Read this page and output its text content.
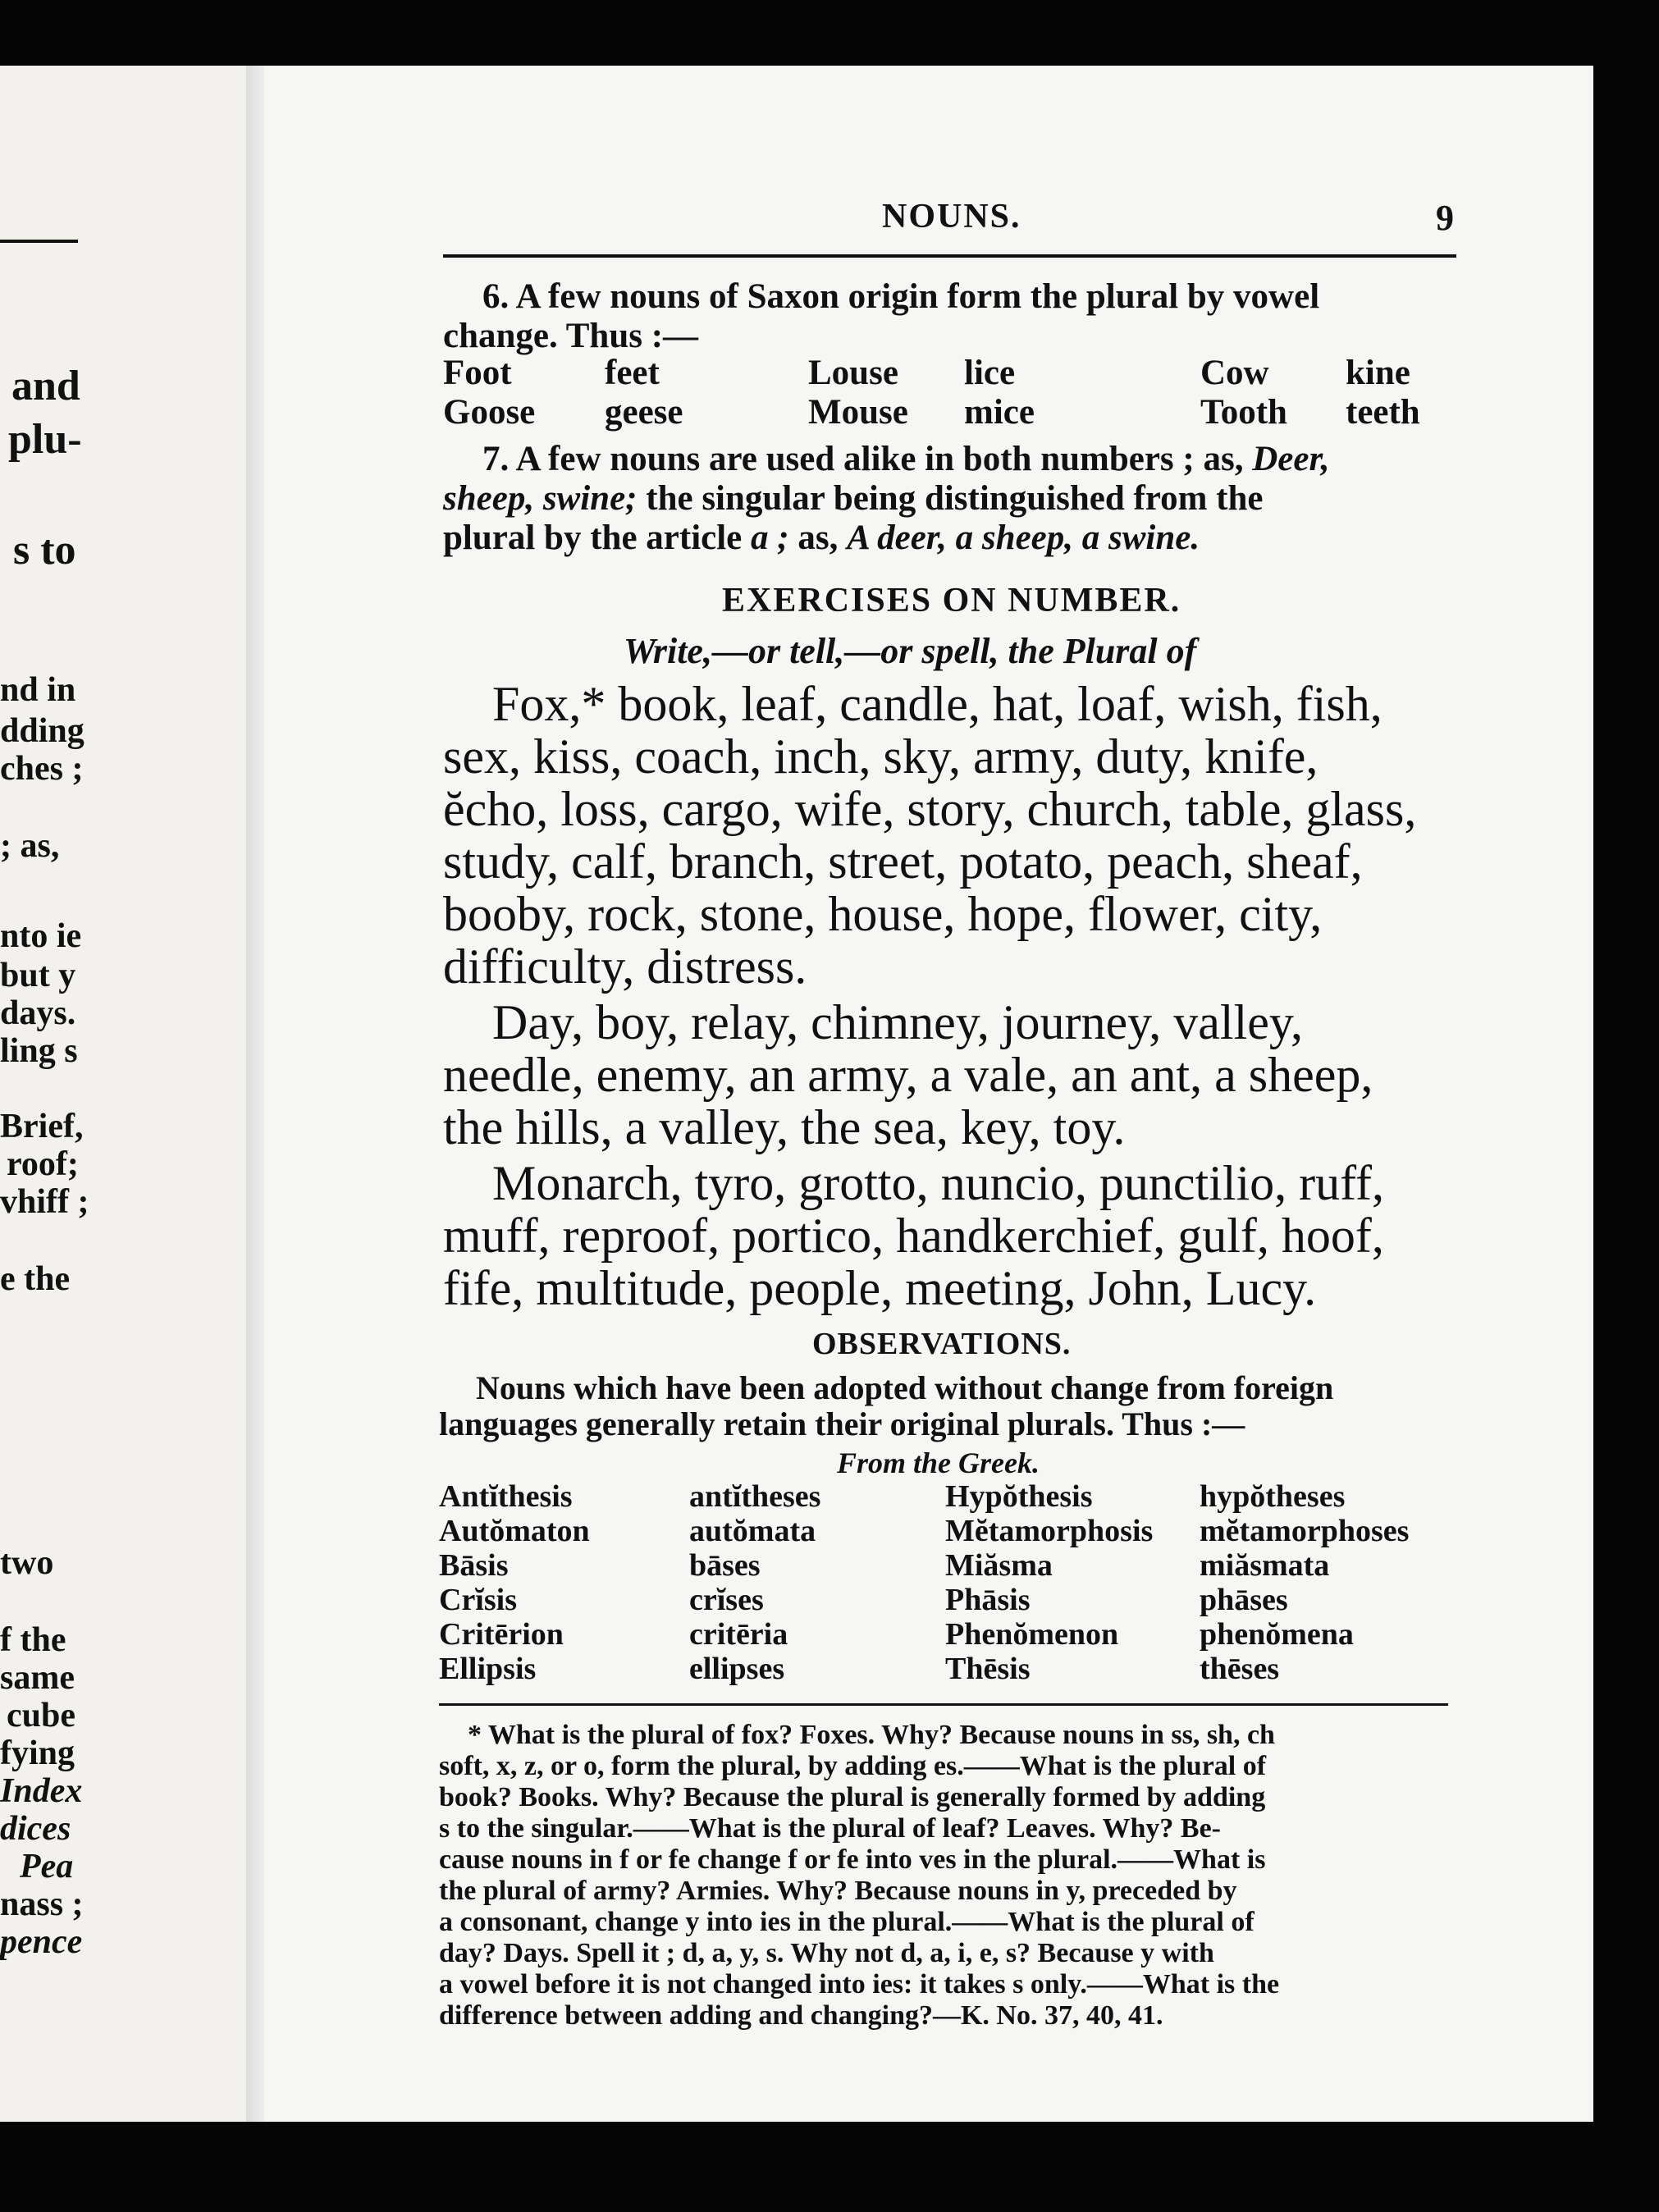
and
plu-
s to
nd in
dding
ches ;
; as,
nto ie
but y
days.
ling s
Brief,
roof;
vhiff ;
e the
two
f the
same
cube
fying
Index
dices
Pea
nass ;
pence
NOUNS.	9
6. A few nouns of Saxon origin form the plural by vowel
change. Thus :—
Foot	feet	Louse lice	Cow kine
Goose geese	Mouse mice	Tooth teeth
7. A few nouns are used alike in both numbers ; as, Deer,
sheep, swine; the singular being distinguished from the
plural by the article a ; as, A deer, a sheep, a swine.
EXERCISES ON NUMBER.
Write,—or tell,—or spell, the Plural of
Fox,* book, leaf, candle, hat, loaf, wish, fish,
sex, kiss, coach, inch, sky, army, duty, knife,
ĕcho, loss, cargo, wife, story, church, table, glass,
study, calf, branch, street, potato, peach, sheaf,
booby, rock, stone, house, hope, flower, city,
difficulty, distress.
Day, boy, relay, chimney, journey, valley,
needle, enemy, an army, a vale, an ant, a sheep,
the hills, a valley, the sea, key, toy.
Monarch, tyro, grotto, nuncio, punctilio, ruff,
muff, reproof, portico, handkerchief, gulf, hoof,
fife, multitude, people, meeting, John, Lucy.
OBSERVATIONS.
Nouns which have been adopted without change from foreign
languages generally retain their original plurals. Thus :—
From the Greek.
Antĭthesis	antĭtheses	Hypŏthesis	hypŏtheses
Autŏmaton	autŏmata	Mĕtamorphosis mĕtamorphoses
Bāsis	bāses	Miăsma	miăsmata
Crĭsis	crĭses	Phāsis	phāses
Critērion	critēria	Phenŏmenon	phenŏmena
Ellipsis	ellipses	Thēsis	thēses
* What is the plural of fox? Foxes. Why? Because nouns in ss, sh, ch
soft, x, z, or o, form the plural, by adding es.——What is the plural of
book? Books. Why? Because the plural is generally formed by adding
s to the singular.——What is the plural of leaf? Leaves. Why? Be-
cause nouns in f or fe change f or fe into ves in the plural.——What is
the plural of army? Armies. Why? Because nouns in y, preceded by
a consonant, change y into ies in the plural.——What is the plural of
day? Days. Spell it ; d, a, y, s. Why not d, a, i, e, s? Because y with
a vowel before it is not changed into ies: it takes s only.——What is the
difference between adding and changing?—K. No. 37, 40, 41.
